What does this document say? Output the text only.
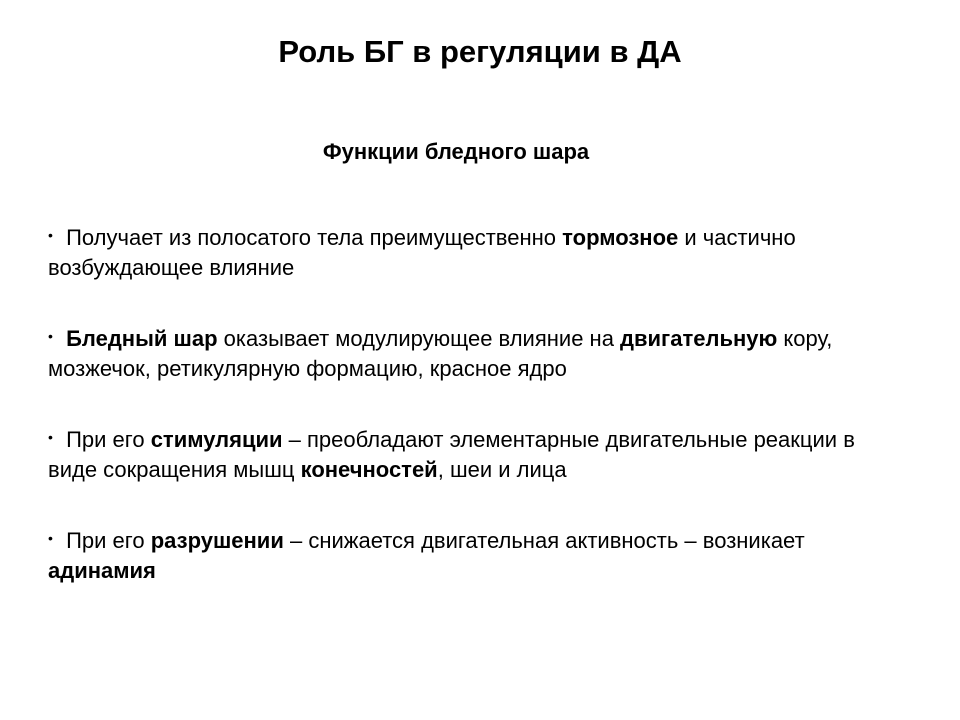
Роль БГ в регуляции в ДА
Функции бледного шара
• Получает из полосатого тела преимущественно тормозное и частично возбуждающее влияние
• Бледный шар оказывает модулирующее влияние на двигательную кору, мозжечок, ретикулярную формацию, красное ядро
• При его стимуляции – преобладают элементарные двигательные реакции в виде сокращения мышц конечностей, шеи и лица
• При его разрушении – снижается двигательная активность – возникает адинамия
